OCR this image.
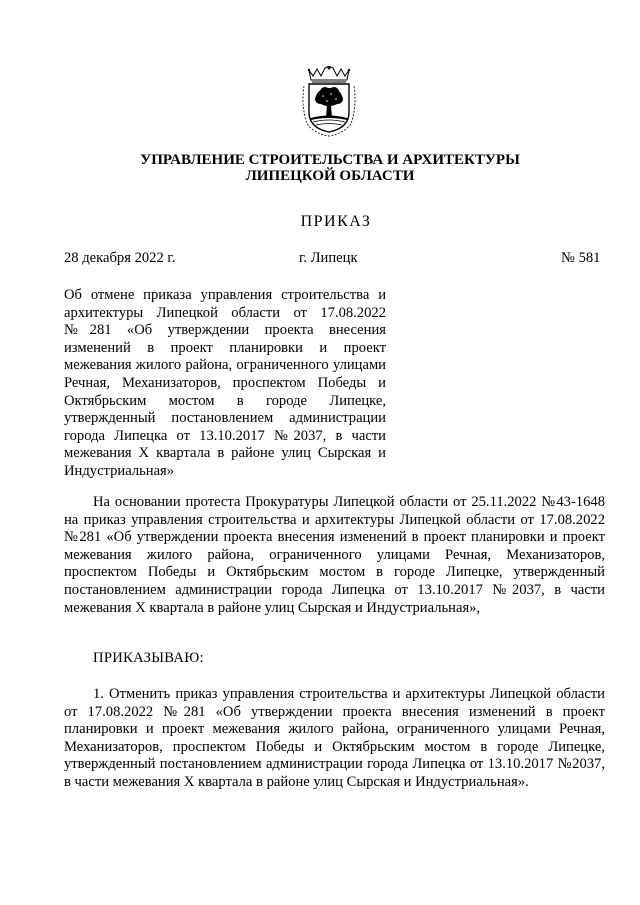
УПРАВЛЕНИЕ СТРОИТЕЛЬСТВА И АРХИТЕКТУРЫ
ЛИПЕЦКОЙ ОБЛАСТИ
ПРИКАЗ
28 декабря 2022 г.	г. Липецк	№ 581
Об отмене приказа управления строительства и архитектуры Липецкой области от 17.08.2022 №281 «Об утверждении проекта внесения изменений в проект планировки и проект межевания жилого района, ограниченного улицами Речная, Механизаторов, проспектом Победы и Октябрьским мостом в городе Липецке, утвержденный постановлением администрации города Липецка от 13.10.2017 №2037, в части межевания X квартала в районе улиц Сырская и Индустриальная»
На основании протеста Прокуратуры Липецкой области от 25.11.2022 №43-1648 на приказ управления строительства и архитектуры Липецкой области от 17.08.2022 №281 «Об утверждении проекта внесения изменений в проект планировки и проект межевания жилого района, ограниченного улицами Речная, Механизаторов, проспектом Победы и Октябрьским мостом в городе Липецке, утвержденный постановлением администрации города Липецка от 13.10.2017 №2037, в части межевания X квартала в районе улиц Сырская и Индустриальная»,
ПРИКАЗЫВАЮ:
1. Отменить приказ управления строительства и архитектуры Липецкой области от 17.08.2022 №281 «Об утверждении проекта внесения изменений в проект планировки и проект межевания жилого района, ограниченного улицами Речная, Механизаторов, проспектом Победы и Октябрьским мостом в городе Липецке, утвержденный постановлением администрации города Липецка от 13.10.2017 №2037, в части межевания X квартала в районе улиц Сырская и Индустриальная».
